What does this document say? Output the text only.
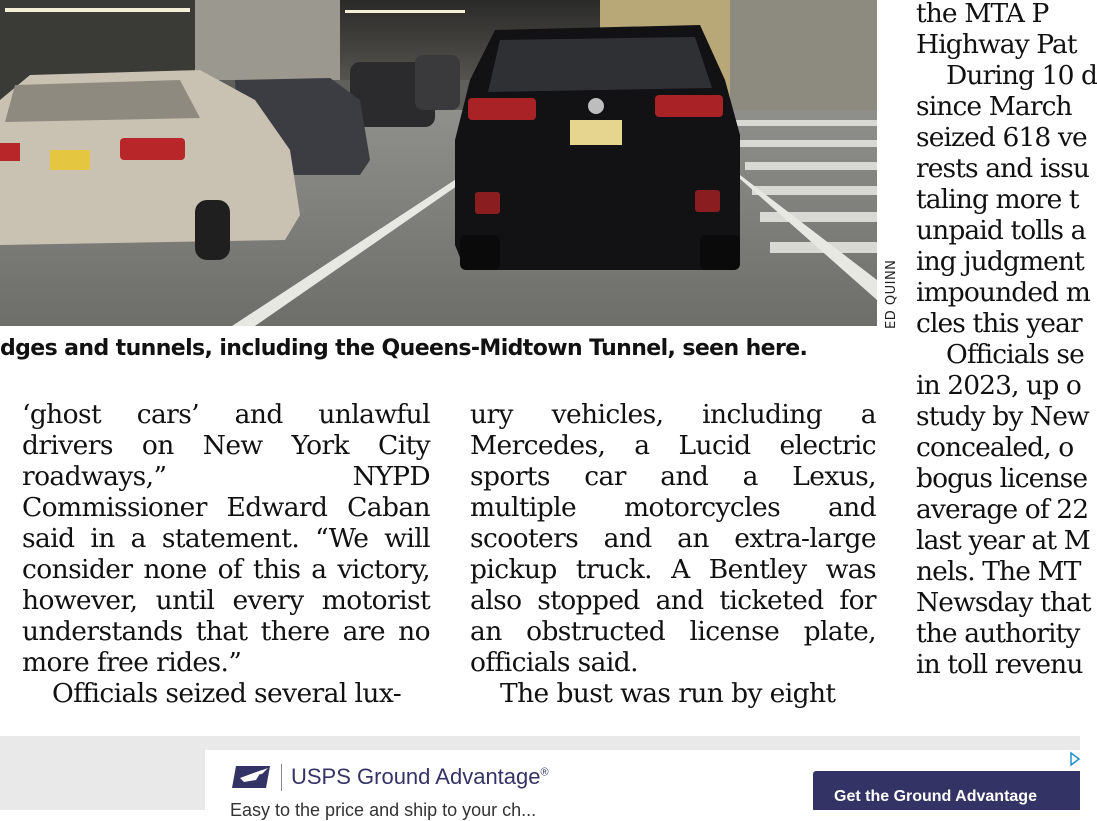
ED QUINN
dges and tunnels, including the Queens-Midtown Tunnel, seen here.

‘ghost cars’ and unlawful drivers on New York City roadways,” NYPD Commissioner Edward Caban said in a statement. “We will consider none of this a victory, however, until every motorist understands that there are no more free rides.”

Officials seized several lux-

ury vehicles, including a Mercedes, a Lucid electric sports car and a Lexus, multiple motorcycles and scooters and an extra-large pickup truck. A Bentley was also stopped and ticketed for an obstructed license plate, officials said.

The bust was run by eight

the MTA P
Highway Pat
During 10 d
since March
seized 618 ve
rests and issu
taling more t
unpaid tolls a
ing judgment
impounded m
cles this year
Officials se
in 2023, up o
study by New
concealed, o
bogus license
average of 22
last year at M
nels. The MT
Newsday that
the authority
in toll revenu
USPS Ground Advantage®
Easy to the price and ship to your ch...
Get the Ground Advantage
